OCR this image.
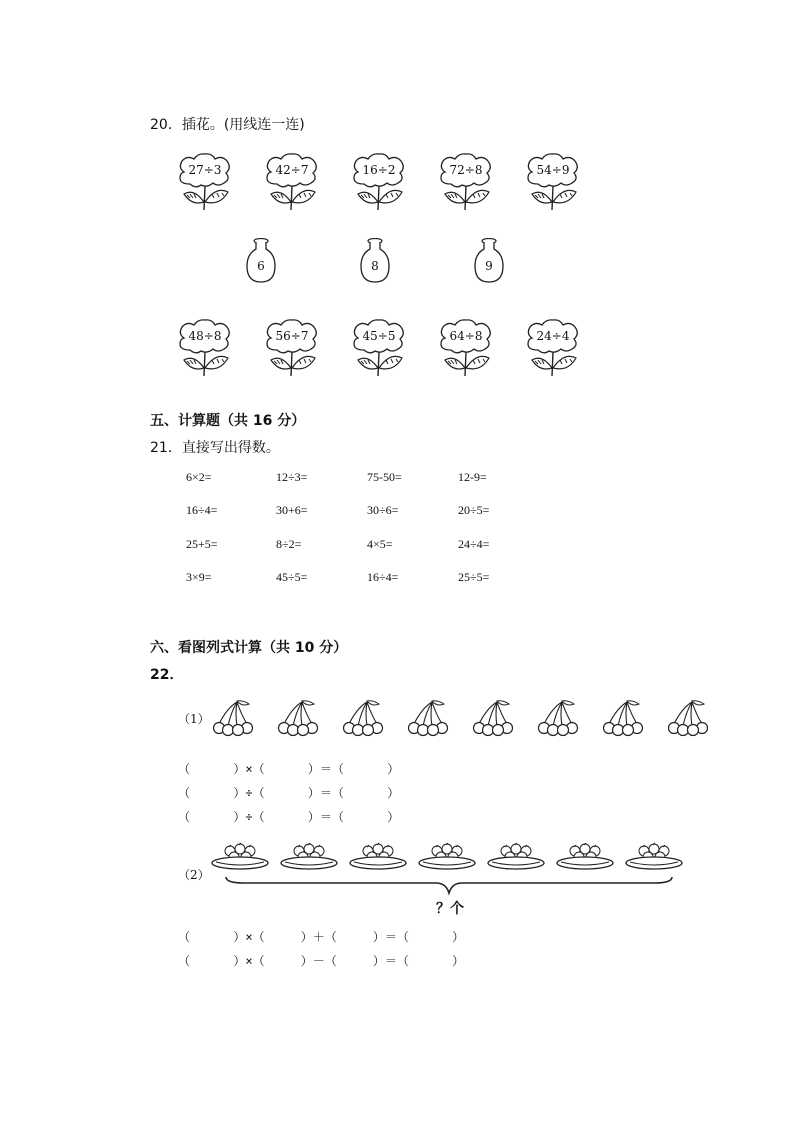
20．插花。(用线连一连)
27÷3	42÷7	16÷2	72÷8	54÷9
6	8	9
48÷8	56÷7	45÷5	64÷8	24÷4
五、计算题（共 16 分）
21．直接写出得数。
6×2=	12÷3=	75-50=	12-9=
16÷4=	30+6=	30÷6=	20÷5=
25+5=	8÷2=	4×5=	24÷4=
3×9=	45÷5=	16÷4=	25÷5=
六、看图列式计算（共 10 分）
22．
（1）
（      ）×（      ）＝（      ）
（      ）÷（      ）＝（      ）
（      ）÷（      ）＝（      ）
（2）
？个
（      ）×（     ）＋（     ）＝（      ）
（      ）×（     ）－（     ）＝（      ）
